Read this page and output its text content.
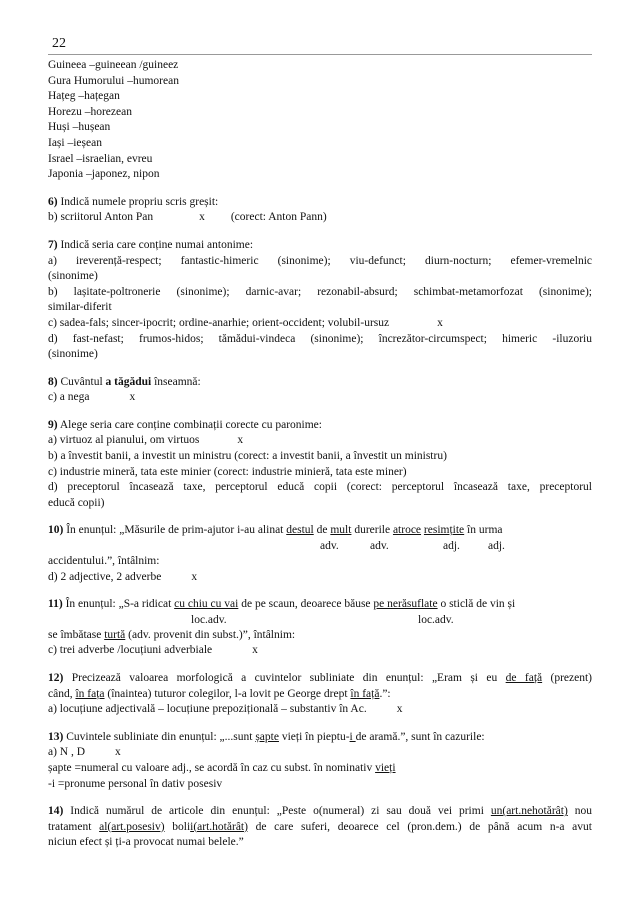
22
Guineea –guineean /guineez
Gura Humorului –humorean
Hațeg –hațegan
Horezu –horezean
Huși –hușean
Iași –ieșean
Israel –israelian, evreu
Japonia –japonez, nipon
6) Indică numele propriu scris greșit:
b) scriitorul Anton Pan	x (corect: Anton Pann)
7) Indică seria care conține numai antonime:
a) ireverență-respect; fantastic-himeric (sinonime); viu-defunct; diurn-nocturn; efemer-vremelnic
(sinonime)
b) lașitate-poltronerie (sinonime); darnic-avar; rezonabil-absurd; schimbat-metamorfozat (sinonime);
similar-diferit
c) sadea-fals; sincer-ipocrit; ordine-anarhie; orient-occident; volubil-ursuz	x
d) fast-nefast; frumos-hidos; tămădui-vindeca (sinonime); încrezător-circumspect; himeric -iluzoriu
(sinonime)
8) Cuvântul a tăgădui înseamnă:
c) a nega	x
9) Alege seria care conține combinații corecte cu paronime:
a) virtuoz al pianului, om virtuos	x
b) a învestit banii, a investit un ministru (corect: a investit banii, a învestit un ministru)
c) industrie mineră, tata este minier (corect: industrie minieră, tata este miner)
d) preceptorul încasează taxe, perceptorul educă copii (corect: perceptorul încasează taxe, preceptorul
educă copii)
10) În enunțul: „Măsurile de prim-ajutor i-au alinat destul de mult durerile atroce resimțite în urma
adv.	adv.	adj. adj.
accidentului.”, întâlnim:
d) 2 adjective, 2 adverbe	x
11) În enunțul: „S-a ridicat cu chiu cu vai de pe scaun, deoarece băuse pe nerăsuflate o sticlă de vin și
loc.adv.	loc.adv.
se îmbătase turtă (adv. provenit din subst.)”, întâlnim:
c) trei adverbe /locuțiuni adverbiale	x
12) Precizează valoarea morfologică a cuvintelor subliniate din enunțul: „Eram și eu de față (prezent)
când, în fața (înaintea) tuturor colegilor, l-a lovit pe George drept în față.”:
a) locuțiune adjectivală – locuțiune prepozițională – substantiv în Ac.	x
13) Cuvintele subliniate din enunțul: „...sunt șapte vieți în pieptu-i de aramă.”, sunt în cazurile:
a) N , D	x
șapte =numeral cu valoare adj., se acordă în caz cu subst. în nominativ vieți
-i =pronume personal în dativ posesiv
14) Indică numărul de articole din enunțul: „Peste o(numeral) zi sau două vei primi un(art.nehotărât) nou
tratament al(art.posesiv) bolii(art.hotărât) de care suferi, deoarece cel (pron.dem.) de până acum n-a avut
niciun efect și ți-a provocat numai belele.”
